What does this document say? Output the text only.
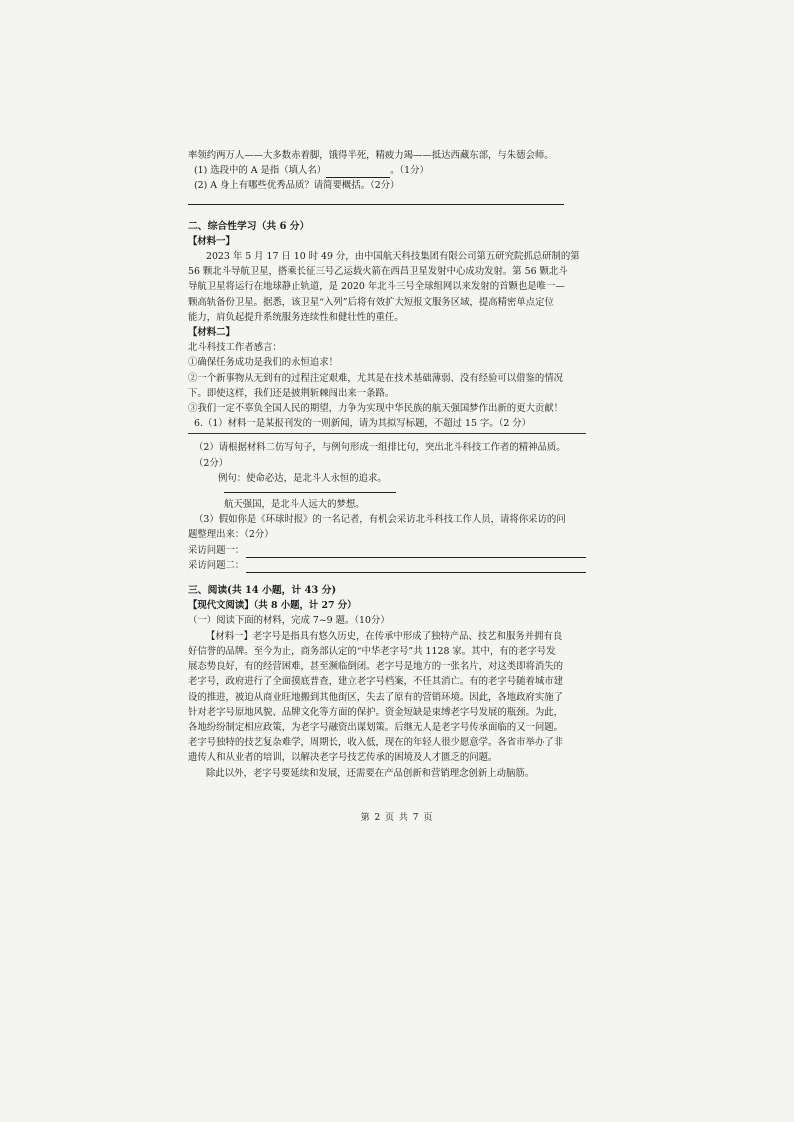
率领约两万人——大多数赤着脚，饿得半死，精疲力竭——抵达西藏东部，与朱德会师。
(1) 选段中的 A 是指（填人名）	。（1分）
(2) A 身上有哪些优秀品质？请简要概括。（2分）
二、综合性学习（共 6 分）
【材料一】
2023 年 5 月 17 日 10 时 49 分，由中国航天科技集团有限公司第五研究院抓总研制的第
56 颗北斗导航卫星，搭乘长征三号乙运载火箭在西昌卫星发射中心成功发射。第 56 颗北斗
导航卫星将运行在地球静止轨道，是 2020 年北斗三号全球组网以来发射的首颗也是唯一—
颗高轨备份卫星。据悉，该卫星“入列”后将有效扩大短报文服务区域，提高精密单点定位
能力，肩负起提升系统服务连续性和健壮性的重任。
【材料二】
北斗科技工作者感言：
①确保任务成功是我们的永恒追求！
②一个新事物从无到有的过程注定艰难，尤其是在技术基础薄弱、没有经验可以借鉴的情况
下。即使这样，我们还是披荆斩棘闯出来一条路。
③我们一定不辜负全国人民的期望，力争为实现中华民族的航天强国梦作出新的更大贡献！
6.（1）材料一是某报刊发的一则新闻，请为其拟写标题，不超过 15 字。（2 分）
（2）请根据材料二仿写句子，与例句形成一组排比句，突出北斗科技工作者的精神品质。
（2分）
例句：使命必达，是北斗人永恒的追求。
航天强国，是北斗人远大的梦想。
（3）假如你是《环球时报》的一名记者，有机会采访北斗科技工作人员，请将你采访的问
题整理出来：（2分）
采访问题一：
采访问题二：
三、阅读(共 14 小题，计 43 分)
【现代文阅读】（共 8 小题，计 27 分）
（一）阅读下面的材料，完成 7~9 题。（10分）
【材料一】老字号是指具有悠久历史，在传承中形成了独特产品、技艺和服务并拥有良
好信誉的品牌。至今为止，商务部认定的“中华老字号”共 1128 家。其中，有的老字号发
展态势良好，有的经营困难，甚至濒临倒闭。老字号是地方的一张名片，对这类即将消失的
老字号，政府进行了全面摸底普查，建立老字号档案，不任其消亡。有的老字号随着城市建
设的推进，被迫从商业旺地搬到其他街区，失去了原有的营销环境。因此，各地政府实施了
针对老字号原地风貌、品牌文化等方面的保护。资金短缺是束缚老字号发展的瓶颈。为此，
各地纷纷制定相应政策，为老字号融资出谋划策。后继无人是老字号传承面临的又一问题。
老字号独特的技艺复杂难学，周期长，收入低，现在的年轻人很少愿意学。各省市举办了非
遗传人和从业者的培训，以解决老字号技艺传承的困境及人才匮乏的问题。
除此以外，老字号要延续和发展，还需要在产品创新和营销理念创新上动脑筋。
第 2 页 共 7 页
